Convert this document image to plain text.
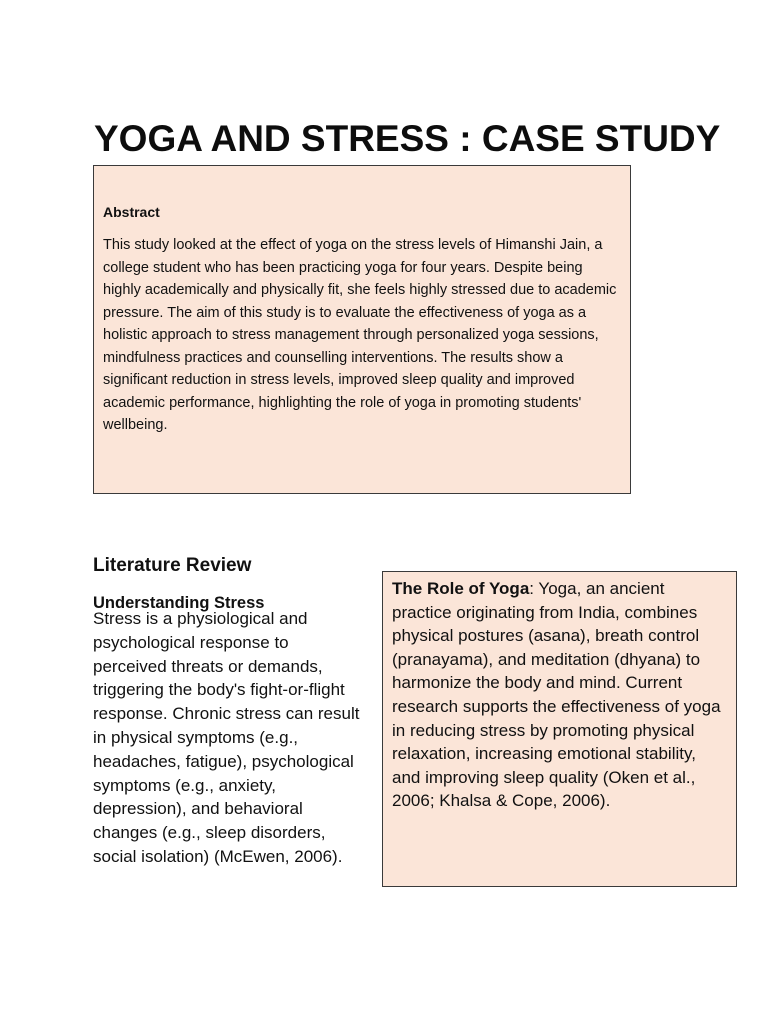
YOGA AND STRESS : CASE STUDY

Abstract

This study looked at the effect of yoga on the stress levels of Himanshi Jain, a college student who has been practicing yoga for four years. Despite being highly academically and physically fit, she feels highly stressed due to academic pressure. The aim of this study is to evaluate the effectiveness of yoga as a holistic approach to stress management through personalized yoga sessions, mindfulness practices and counselling interventions. The results show a significant reduction in stress levels, improved sleep quality and improved academic performance, highlighting the role of yoga in promoting students' wellbeing.

Literature Review
Understanding Stress

Stress is a physiological and psychological response to perceived threats or demands, triggering the body's fight-or-flight response. Chronic stress can result in physical symptoms (e.g., headaches, fatigue), psychological symptoms (e.g., anxiety, depression), and behavioral changes (e.g., sleep disorders, social isolation) (McEwen, 2006).

The Role of Yoga: Yoga, an ancient practice originating from India, combines physical postures (asana), breath control (pranayama), and meditation (dhyana) to harmonize the body and mind. Current research supports the effectiveness of yoga in reducing stress by promoting physical relaxation, increasing emotional stability, and improving sleep quality (Oken et al., 2006; Khalsa & Cope, 2006).
